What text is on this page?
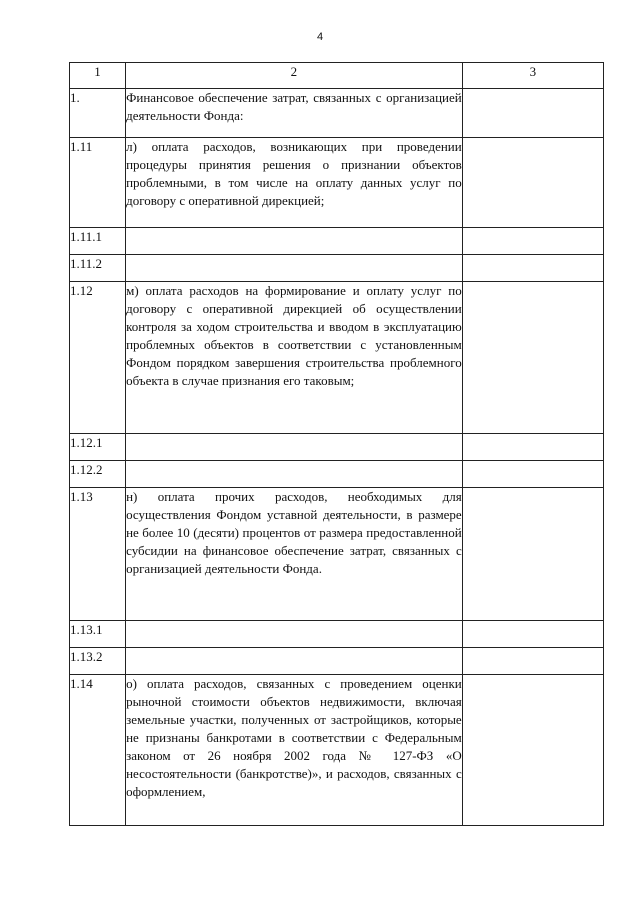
4
1	2	3
1.	Финансовое обеспечение затрат, связанных с организацией деятельности Фонда:	
1.11	л) оплата расходов, возникающих при проведении процедуры принятия решения о признании объектов проблемными, в том числе на оплату данных услуг по договору с оперативной дирекцией;	
1.11.1		
1.11.2		
1.12	м) оплата расходов на формирование и оплату услуг по договору с оперативной дирекцией об осуществлении контроля за ходом строительства и вводом в эксплуатацию проблемных объектов в соответствии с установленным Фондом порядком завершения строительства проблемного объекта в случае признания его таковым;	
1.12.1		
1.12.2		
1.13	н) оплата прочих расходов, необходимых для осуществления Фондом уставной деятельности, в размере не более 10 (десяти) процентов от размера предоставленной субсидии на финансовое обеспечение затрат, связанных с организацией деятельности Фонда.	
1.13.1		
1.13.2		
1.14	о) оплата расходов, связанных с проведением оценки рыночной стоимости объектов недвижимости, включая земельные участки, полученных от застройщиков, которые не признаны банкротами в соответствии с Федеральным законом от 26 ноября 2002 года № 127-ФЗ «О несостоятельности (банкротстве)», и расходов, связанных с оформлением,	
